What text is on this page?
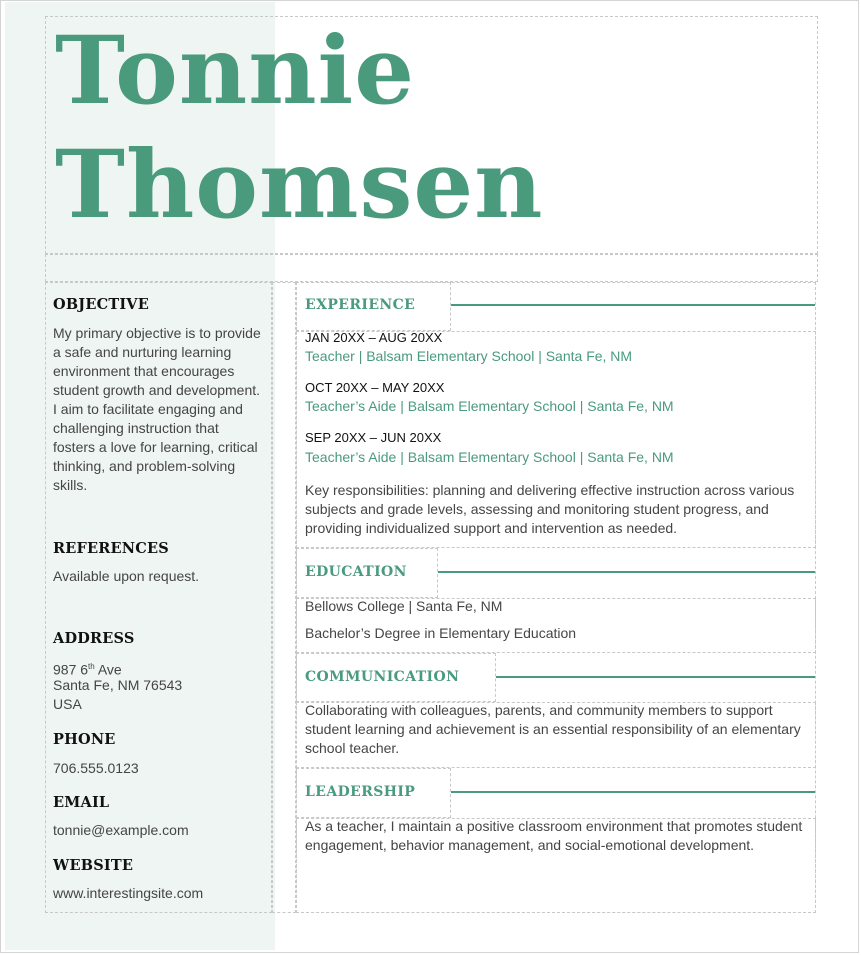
Tonnie
Thomsen
OBJECTIVE

My primary objective is to provide a safe and nurturing learning environment that encourages student growth and development. I aim to facilitate engaging and challenging instruction that fosters a love for learning, critical thinking, and problem-solving skills.

REFERENCES

Available upon request.

ADDRESS

987 6th Ave

Santa Fe, NM 76543

USA

PHONE

706.555.0123

EMAIL

tonnie@example.com

WEBSITE

www.interestingsite.com

EXPERIENCE
JAN 20XX – AUG 20XX
Teacher | Balsam Elementary School | Santa Fe, NM
OCT 20XX – MAY 20XX
Teacher’s Aide | Balsam Elementary School | Santa Fe, NM
SEP 20XX – JUN 20XX
Teacher’s Aide | Balsam Elementary School | Santa Fe, NM

Key responsibilities: planning and delivering effective instruction across various subjects and grade levels, assessing and monitoring student progress, and providing individualized support and intervention as needed.

EDUCATION

Bellows College | Santa Fe, NM

Bachelor’s Degree in Elementary Education

COMMUNICATION

Collaborating with colleagues, parents, and community members to support student learning and achievement is an essential responsibility of an elementary school teacher.

LEADERSHIP

As a teacher, I maintain a positive classroom environment that promotes student engagement, behavior management, and social-emotional development.
